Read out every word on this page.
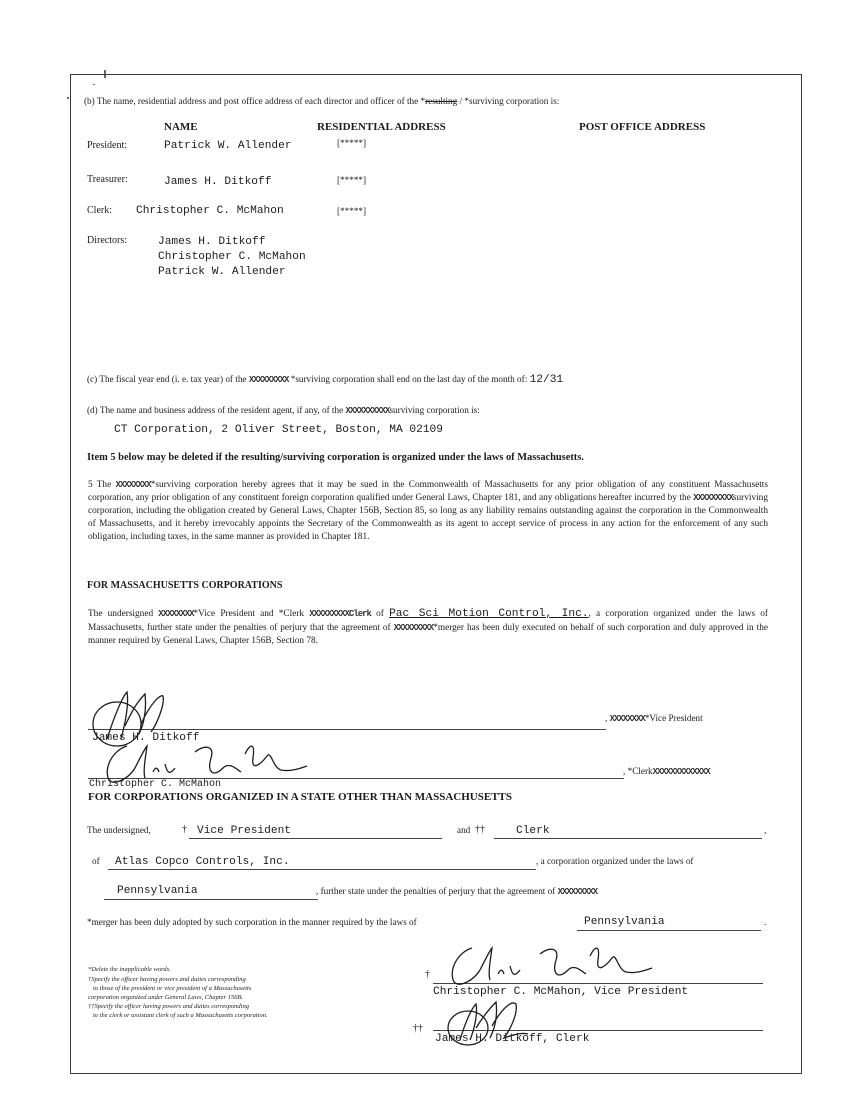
(b) The name, residential address and post office address of each director and officer of the *resulting / *surviving corporation is:
NAME	RESIDENTIAL ADDRESS	POST OFFICE ADDRESS
President:	Patrick W. Allender	[*****]
Treasurer:	James H. Ditkoff	[*****]
Clerk: Christopher C. McMahon	[*****]
Directors:	James H. Ditkoff
Christopher C. McMahon
Patrick W. Allender
(c) The fiscal year end (i. e. tax year) of the XXXXXXXXX *surviving corporation shall end on the last day of the month of: 12/31
(d) The name and business address of the resident agent, if any, of the XXXXXXXXXXsurviving corporation is:
CT Corporation, 2 Oliver Street, Boston, MA 02109
Item 5 below may be deleted if the resulting/surviving corporation is organized under the laws of Massachusetts.
5 The XXXXXXXX*surviving corporation hereby agrees that it may be sued in the Commonwealth of Massachusetts for any prior obligation of any constituent Massachusetts corporation, any prior obligation of any constituent foreign corporation qualified under General Laws, Chapter 181, and any obligations hereafter incurred by the XXXXXXXXXsurviving corporation, including the obligation created by General Laws, Chapter 156B, Section 85, so long as any liability remains outstanding against the corporation in the Commonwealth of Massachusetts, and it hereby irrevocably appoints the Secretary of the Commonwealth as its agent to accept service of process in any action for the enforcement of any such obligation, including taxes, in the same manner as provided in Chapter 181.
FOR MASSACHUSETTS CORPORATIONS
The undersigned XXXXXXXX*Vice President and *Clerk XXXXXXXXXClerk of Pac Sci Motion Control, Inc., a corporation organized under the laws of Massachusetts, further state under the penalties of perjury that the agreement of XXXXXXXXX*merger has been duly executed on behalf of such corporation and duly approved in the manner required by General Laws, Chapter 156B, Section 78.
, XXXXXXXX*Vice President
James H. Ditkoff
, *ClerkXXXXXXXXXXXXX
Christopher C. McMahon
FOR CORPORATIONS ORGANIZED IN A STATE OTHER THAN MASSACHUSETTS
The undersigned,	† Vice President	and ††	Clerk	,
of Atlas Copco Controls, Inc.	, a corporation organized under the laws of
Pennsylvania	, further state under the penalties of perjury that the agreement of XXXXXXXXX
*merger has been duly adopted by such corporation in the manner required by the laws of	Pennsylvania	.
*Delete the inapplicable words.
†Specify the officer having powers and duties corresponding
to those of the president or vice president of a Massachusetts
corporation organized under General Laws, Chapter 156B.
††Specify the officer having powers and duties corresponding
to the clerk or assistant clerk of such a Massachusetts corporation.
†
Christopher C. McMahon, Vice President
††
James H. Ditkoff, Clerk
